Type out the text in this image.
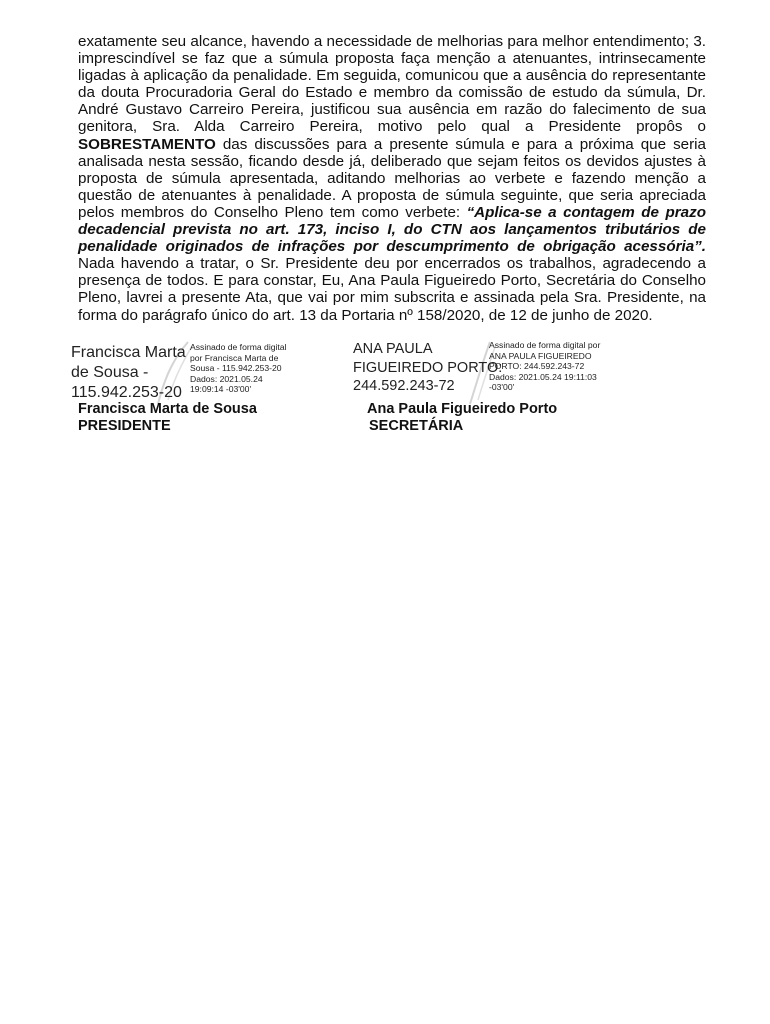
exatamente seu alcance, havendo a necessidade de melhorias para melhor entendimento; 3. imprescindível se faz que a súmula proposta faça menção a atenuantes, intrinsecamente ligadas à aplicação da penalidade. Em seguida, comunicou que a ausência do representante da douta Procuradoria Geral do Estado e membro da comissão de estudo da súmula, Dr. André Gustavo Carreiro Pereira, justificou sua ausência em razão do falecimento de sua genitora, Sra. Alda Carreiro Pereira, motivo pelo qual a Presidente propôs o SOBRESTAMENTO das discussões para a presente súmula e para a próxima que seria analisada nesta sessão, ficando desde já, deliberado que sejam feitos os devidos ajustes à proposta de súmula apresentada, aditando melhorias ao verbete e fazendo menção a questão de atenuantes à penalidade. A proposta de súmula seguinte, que seria apreciada pelos membros do Conselho Pleno tem como verbete: “Aplica-se a contagem de prazo decadencial prevista no art. 173, inciso I, do CTN aos lançamentos tributários de penalidade originados de infrações por descumprimento de obrigação acessória”. Nada havendo a tratar, o Sr. Presidente deu por encerrados os trabalhos, agradecendo a presença de todos. E para constar, Eu, Ana Paula Figueiredo Porto, Secretária do Conselho Pleno, lavrei a presente Ata, que vai por mim subscrita e assinada pela Sra. Presidente, na forma do parágrafo único do art. 13 da Portaria nº 158/2020, de 12 de junho de 2020.

Francisca Marta
de Sousa -
115.942.253-20
Assinado de forma digital
por Francisca Marta de
Sousa - 115.942.253-20
Dados: 2021.05.24
19:09:14 -03'00'
Francisca Marta de Sousa
PRESIDENTE
ANA PAULA
FIGUEIREDO PORTO:
244.592.243-72
Assinado de forma digital por
ANA PAULA FIGUEIREDO
PORTO: 244.592.243-72
Dados: 2021.05.24 19:11:03
-03'00'
Ana Paula Figueiredo Porto
SECRETÁRIA
